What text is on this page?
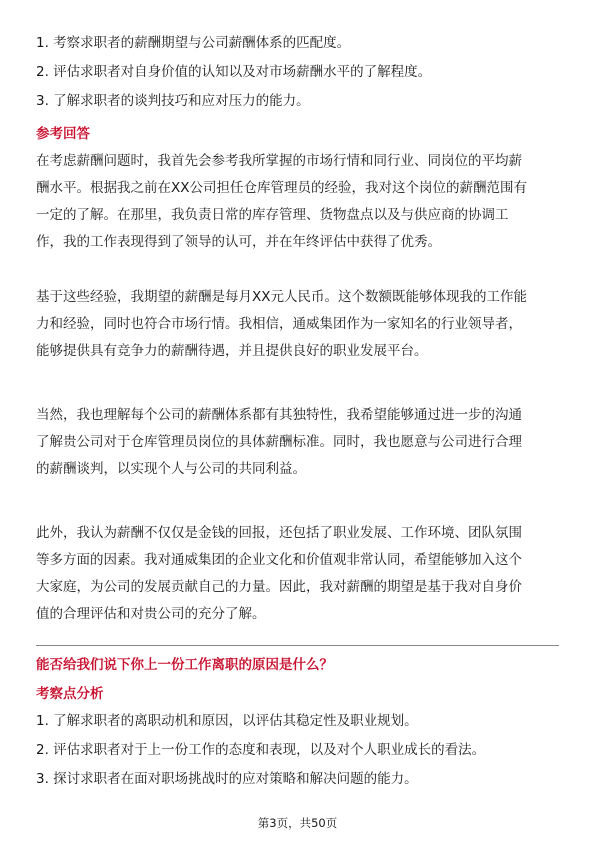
1. 考察求职者的薪酬期望与公司薪酬体系的匹配度。
2. 评估求职者对自身价值的认知以及对市场薪酬水平的了解程度。
3. 了解求职者的谈判技巧和应对压力的能力。
参考回答
在考虑薪酬问题时，我首先会参考我所掌握的市场行情和同行业、同岗位的平均薪
酬水平。根据我之前在XX公司担任仓库管理员的经验，我对这个岗位的薪酬范围有
一定的了解。在那里，我负责日常的库存管理、货物盘点以及与供应商的协调工
作，我的工作表现得到了领导的认可，并在年终评估中获得了优秀。
基于这些经验，我期望的薪酬是每月XX元人民币。这个数额既能够体现我的工作能
力和经验，同时也符合市场行情。我相信，通威集团作为一家知名的行业领导者，
能够提供具有竞争力的薪酬待遇，并且提供良好的职业发展平台。
当然，我也理解每个公司的薪酬体系都有其独特性，我希望能够通过进一步的沟通
了解贵公司对于仓库管理员岗位的具体薪酬标准。同时，我也愿意与公司进行合理
的薪酬谈判，以实现个人与公司的共同利益。
此外，我认为薪酬不仅仅是金钱的回报，还包括了职业发展、工作环境、团队氛围
等多方面的因素。我对通威集团的企业文化和价值观非常认同，希望能够加入这个
大家庭，为公司的发展贡献自己的力量。因此，我对薪酬的期望是基于我对自身价
值的合理评估和对贵公司的充分了解。
能否给我们说下你上一份工作离职的原因是什么？
考察点分析
1. 了解求职者的离职动机和原因，以评估其稳定性及职业规划。
2. 评估求职者对于上一份工作的态度和表现，以及对个人职业成长的看法。
3. 探讨求职者在面对职场挑战时的应对策略和解决问题的能力。
第3页，共50页
